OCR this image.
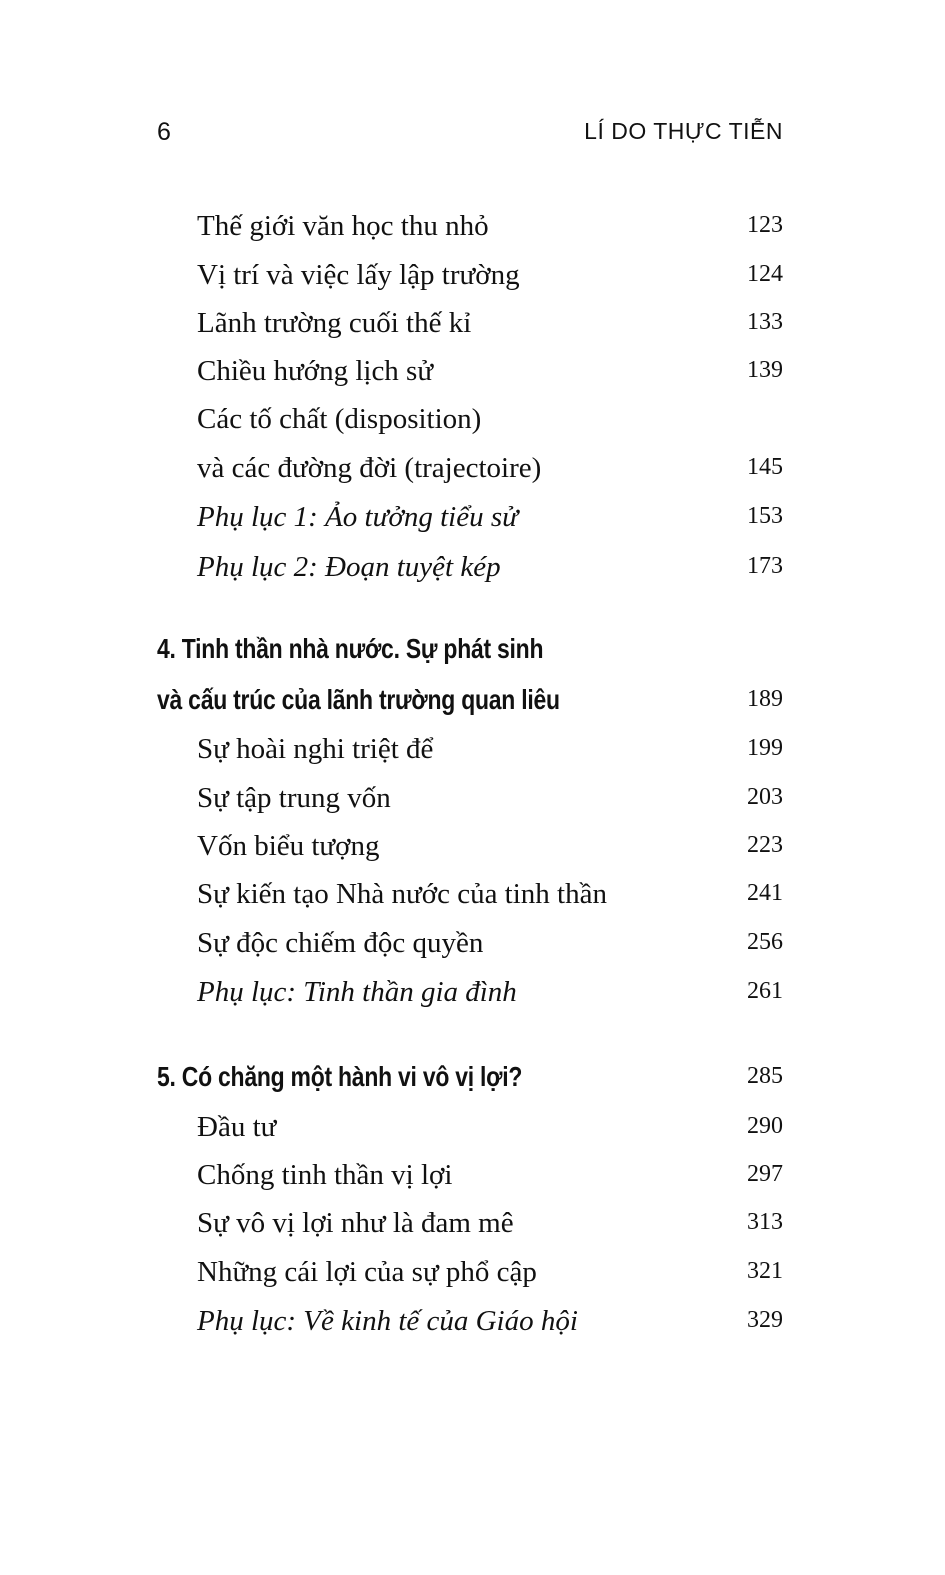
6	LÍ DO THỰC TIỄN
Thế giới văn học thu nhỏ	123
Vị trí và việc lấy lập trường	124
Lãnh trường cuối thế kỉ	133
Chiều hướng lịch sử	139
Các tố chất (disposition)
và các đường đời (trajectoire)	145
Phụ lục 1: Ảo tưởng tiểu sử	153
Phụ lục 2: Đoạn tuyệt kép	173
4. Tinh thần nhà nước. Sự phát sinh
và cấu trúc của lãnh trường quan liêu	189
Sự hoài nghi triệt để	199
Sự tập trung vốn	203
Vốn biểu tượng	223
Sự kiến tạo Nhà nước của tinh thần	241
Sự độc chiếm độc quyền	256
Phụ lục: Tinh thần gia đình	261
5. Có chăng một hành vi vô vị lợi?	285
Đầu tư	290
Chống tinh thần vị lợi	297
Sự vô vị lợi như là đam mê	313
Những cái lợi của sự phổ cập	321
Phụ lục: Về kinh tế của Giáo hội	329
